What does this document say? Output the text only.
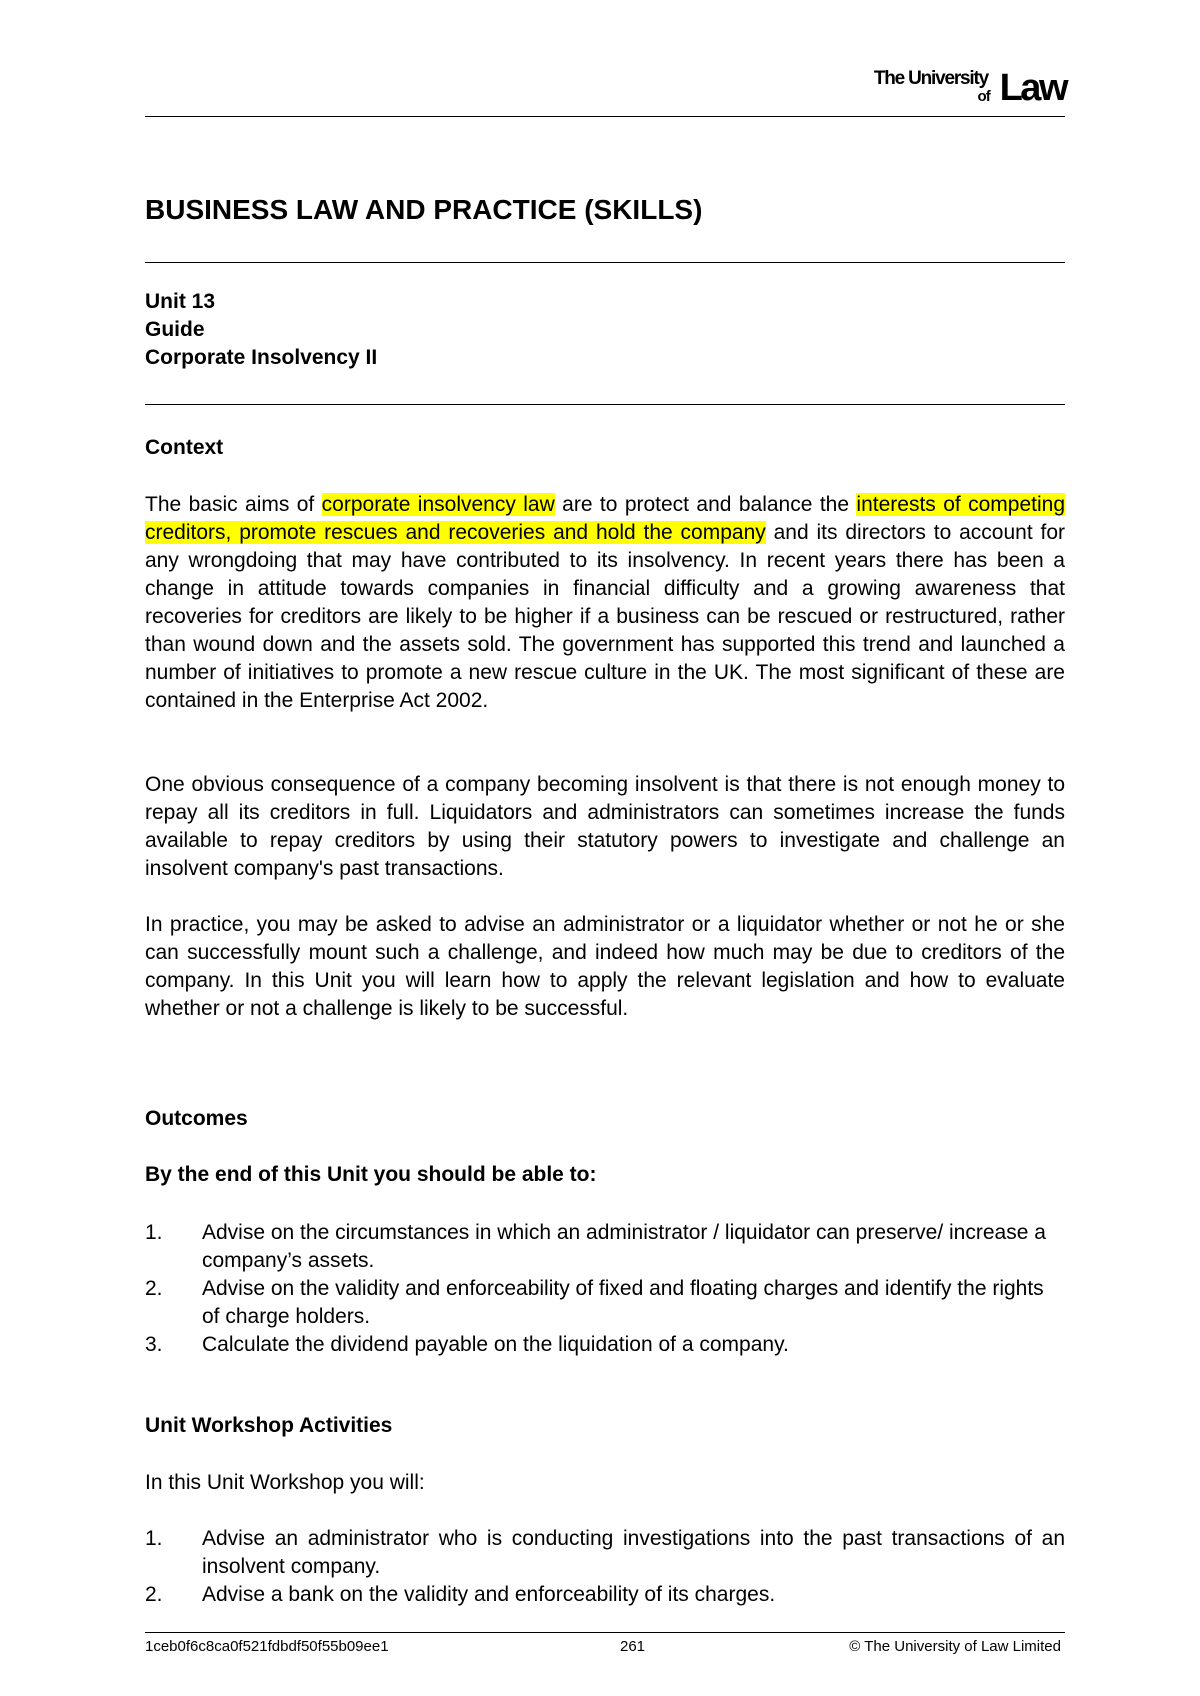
The University
of Law
BUSINESS LAW AND PRACTICE (SKILLS)
Unit 13
Guide
Corporate Insolvency II
Context

The basic aims of corporate insolvency law are to protect and balance the interests of competing creditors, promote rescues and recoveries and hold the company and its directors to account for any wrongdoing that may have contributed to its insolvency. In recent years there has been a change in attitude towards companies in financial difficulty and a growing awareness that recoveries for creditors are likely to be higher if a business can be rescued or restructured, rather than wound down and the assets sold. The government has supported this trend and launched a number of initiatives to promote a new rescue culture in the UK. The most significant of these are contained in the Enterprise Act 2002.

One obvious consequence of a company becoming insolvent is that there is not enough money to repay all its creditors in full. Liquidators and administrators can sometimes increase the funds available to repay creditors by using their statutory powers to investigate and challenge an insolvent company's past transactions.

In practice, you may be asked to advise an administrator or a liquidator whether or not he or she can successfully mount such a challenge, and indeed how much may be due to creditors of the company. In this Unit you will learn how to apply the relevant legislation and how to evaluate whether or not a challenge is likely to be successful.

Outcomes
By the end of this Unit you should be able to:
1. Advise on the circumstances in which an administrator / liquidator can preserve/ increase a company’s assets.
2. Advise on the validity and enforceability of fixed and floating charges and identify the rights of charge holders.
3. Calculate the dividend payable on the liquidation of a company.
Unit Workshop Activities
In this Unit Workshop you will:
1. Advise an administrator who is conducting investigations into the past transactions of an insolvent company.
2. Advise a bank on the validity and enforceability of its charges.
1ceb0f6c8ca0f521fdbdf50f55b09ee1	261	© The University of Law Limited
